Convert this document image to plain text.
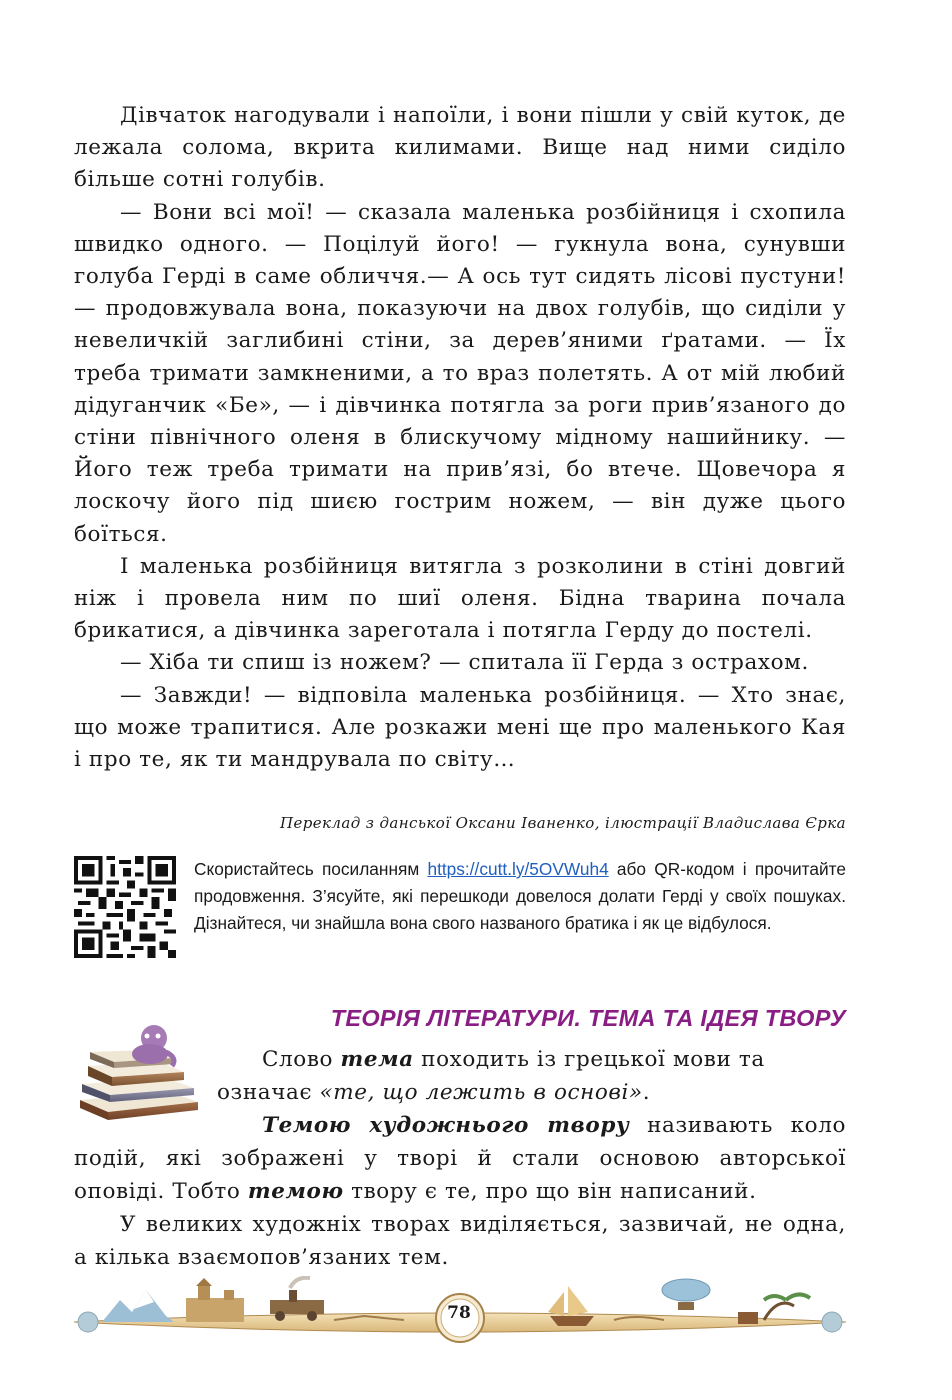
Дівчаток нагодували і напоїли, і вони пішли у свій куток, де лежала солома, вкрита килимами. Вище над ними сиділо більше сотні голубів.

— Вони всі мої! — сказала маленька розбійниця і схопила швидко одного. — Поцілуй його! — гукнула вона, сунувши голуба Герді в саме обличчя.— А ось тут сидять лісові пустуни! — продовжувала вона, показуючи на двох голубів, що сиділи у невеличкій заглибині стіни, за дерев’яними ґратами. — Їх треба тримати замкненими, а то враз полетять. А от мій любий дідуганчик «Бе», — і дівчинка потягла за роги прив’язаного до стіни північного оленя в блискучому мідному нашийнику. — Його теж треба тримати на прив’язі, бо втече. Щовечора я лоскочу його під шиєю гострим ножем, — він дуже цього боїться.

І маленька розбійниця витягла з розколини в стіні довгий ніж і провела ним по шиї оленя. Бідна тварина почала брикатися, а дівчинка зареготала і потягла Герду до постелі.

— Хіба ти спиш із ножем? — спитала її Герда з острахом.

— Завжди! — відповіла маленька розбійниця. — Хто знає, що може трапитися. Але розкажи мені ще про маленького Кая і про те, як ти мандрувала по світу…

Переклад з данської Оксани Іваненко, ілюстрації Владислава Єрка
Скористайтесь посиланням https://cutt.ly/5OVWuh4 або QR-кодом і прочитайте продовження. З’ясуйте, які перешкоди довелося долати Герді у своїх пошуках. Дізнайтеся, чи знайшла вона свого названого братика і як це відбулося.
ТЕОРІЯ ЛІТЕРАТУРИ. ТЕМА ТА ІДЕЯ ТВОРУ

Слово тема походить із грецької мови та

означає «те, що лежить в основі».

Темою художнього твору називають коло подій, які зображені у творі й стали основою авторської оповіді. Тобто темою твору є те, про що він написаний.

У великих художніх творах виділяється, зазвичай, не одна, а кілька взаємопов’язаних тем.

78
